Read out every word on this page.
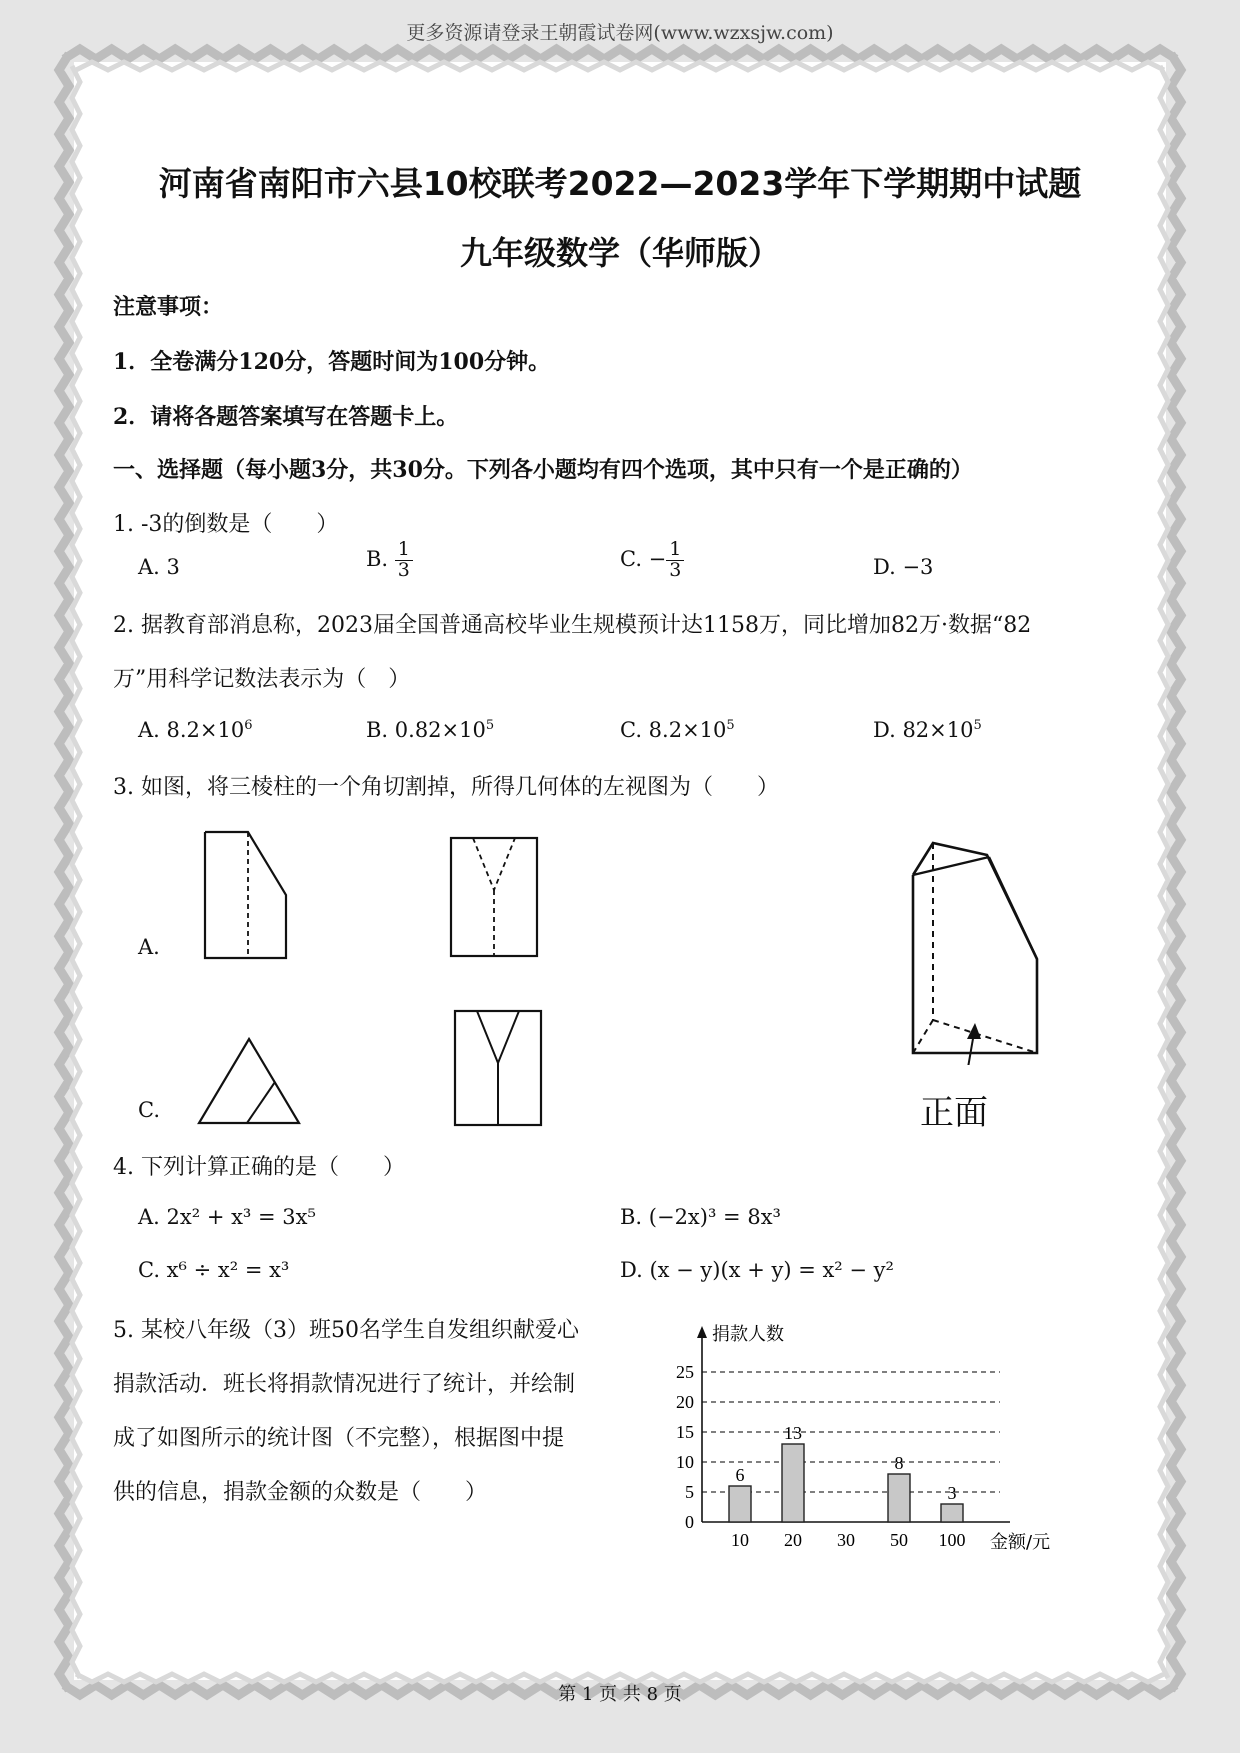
更多资源请登录王朝霞试卷网(www.wzxsjw.com)
河南省南阳市六县10校联考2022—2023学年下学期期中试题
九年级数学（华师版）
注意事项：
1．全卷满分120分，答题时间为100分钟。
2．请将各题答案填写在答题卡上。
一、选择题（每小题3分，共30分。下列各小题均有四个选项，其中只有一个是正确的）
1. -3的倒数是（　　）
A. 3	B. $\frac{1}{3}$	C. − $\frac{1}{3}$	D. −3
2. 据教育部消息称，2023届全国普通高校毕业生规模预计达1158万，同比增加82万·数据“82
万”用科学记数法表示为（　）
A. $8.2\times 10^6$	B. $0.82\times 10^5$	C. $8.2\times 10^5$	D. $82\times 10^5$
3. 如图，将三棱柱的一个角切割掉，所得几何体的左视图为（　　）
A.
C.	正面
4. 下列计算正确的是（　　）
A. 2x² + x³ = 3x⁵	B. (−2x)³ = 8x³
C. x⁶ ÷ x² = x³	D. (x − y)(x + y) = x² − y²
5. 某校八年级（3）班50名学生自发组织献爱心
捐款活动．班长将捐款情况进行了统计，并绘制
成了如图所示的统计图（不完整），根据图中提
供的信息，捐款金额的众数是（　　）
0
5
10
15
20
25
捐款人数
金额/元
10
6
20
13
30 50
8
100
3
第 1 页 共 8 页
